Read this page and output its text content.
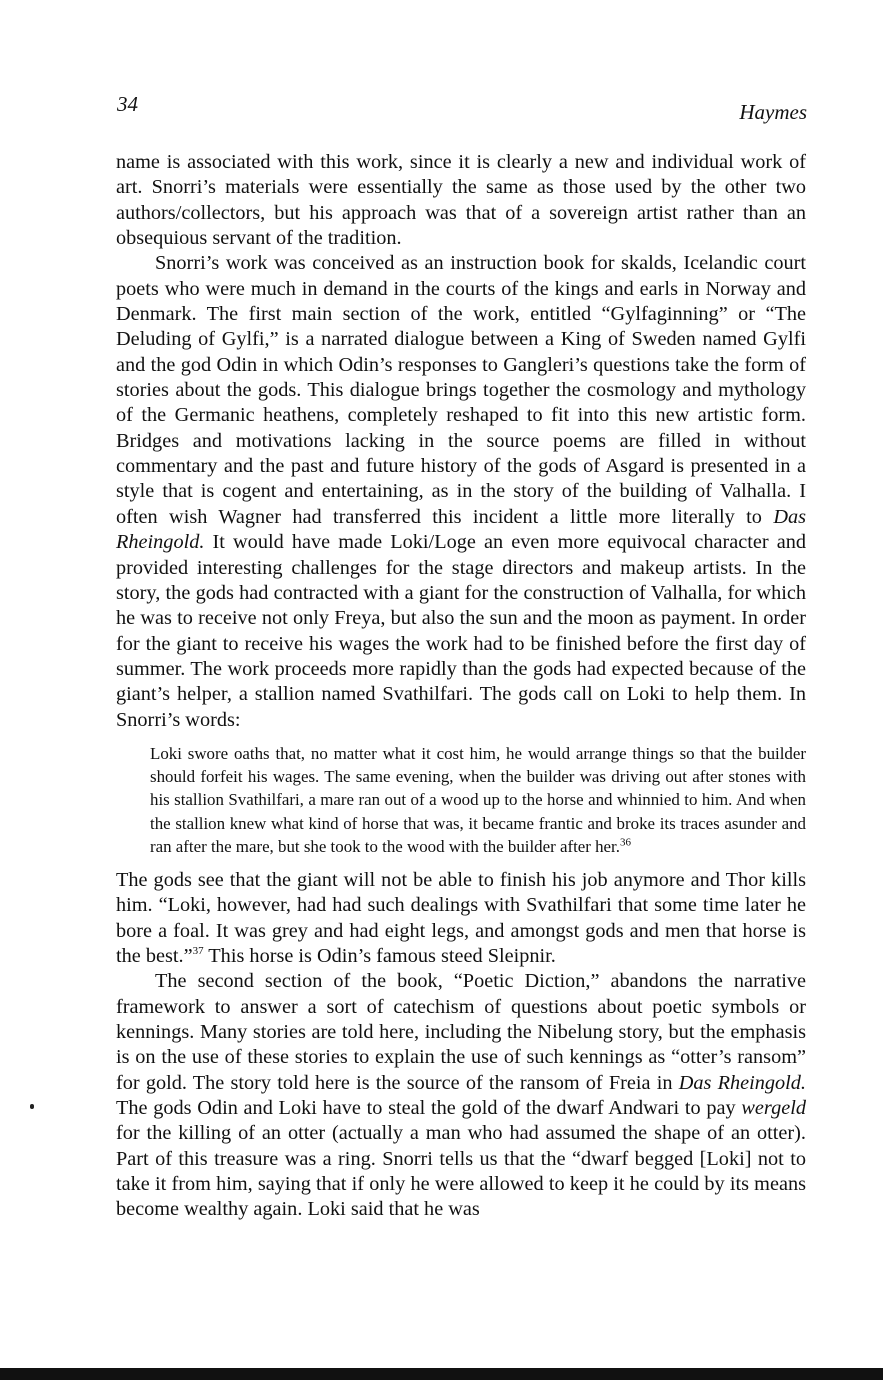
34	Haymes

name is associated with this work, since it is clearly a new and individual work of art. Snorri’s materials were essentially the same as those used by the other two authors/collectors, but his approach was that of a sovereign artist rather than an obsequious servant of the tradition.

Snorri’s work was conceived as an instruction book for skalds, Icelandic court poets who were much in demand in the courts of the kings and earls in Norway and Denmark. The first main section of the work, entitled “Gylfaginning” or “The Deluding of Gylfi,” is a narrated dialogue between a King of Sweden named Gylfi and the god Odin in which Odin’s responses to Gangleri’s questions take the form of stories about the gods. This dialogue brings together the cosmology and mythology of the Germanic heathens, completely reshaped to fit into this new artistic form. Bridges and motivations lacking in the source poems are filled in without commentary and the past and future history of the gods of Asgard is presented in a style that is cogent and entertaining, as in the story of the building of Valhalla. I often wish Wagner had transferred this incident a little more literally to Das Rheingold. It would have made Loki/Loge an even more equivocal character and provided interesting challenges for the stage directors and makeup artists. In the story, the gods had contracted with a giant for the construction of Valhalla, for which he was to receive not only Freya, but also the sun and the moon as payment. In order for the giant to receive his wages the work had to be finished before the first day of summer. The work proceeds more rapidly than the gods had expected because of the giant’s helper, a stallion named Svathilfari. The gods call on Loki to help them. In Snorri’s words:

Loki swore oaths that, no matter what it cost him, he would arrange things so that the builder should forfeit his wages. The same evening, when the builder was driving out after stones with his stallion Svathilfari, a mare ran out of a wood up to the horse and whinnied to him. And when the stallion knew what kind of horse that was, it became frantic and broke its traces asunder and ran after the mare, but she took to the wood with the builder after her.$^{36}$

The gods see that the giant will not be able to finish his job anymore and Thor kills him. “Loki, however, had had such dealings with Svathilfari that some time later he bore a foal. It was grey and had eight legs, and amongst gods and men that horse is the best.”$^{37}$ This horse is Odin’s famous steed Sleipnir.

The second section of the book, “Poetic Diction,” abandons the narrative framework to answer a sort of catechism of questions about poetic symbols or kennings. Many stories are told here, including the Nibelung story, but the emphasis is on the use of these stories to explain the use of such kennings as “otter’s ransom” for gold. The story told here is the source of the ransom of Freia in Das Rheingold. The gods Odin and Loki have to steal the gold of the dwarf Andwari to pay wergeld for the killing of an otter (actually a man who had assumed the shape of an otter). Part of this treasure was a ring. Snorri tells us that the “dwarf begged [Loki] not to take it from him, saying that if only he were allowed to keep it he could by its means become wealthy again. Loki said that he was
